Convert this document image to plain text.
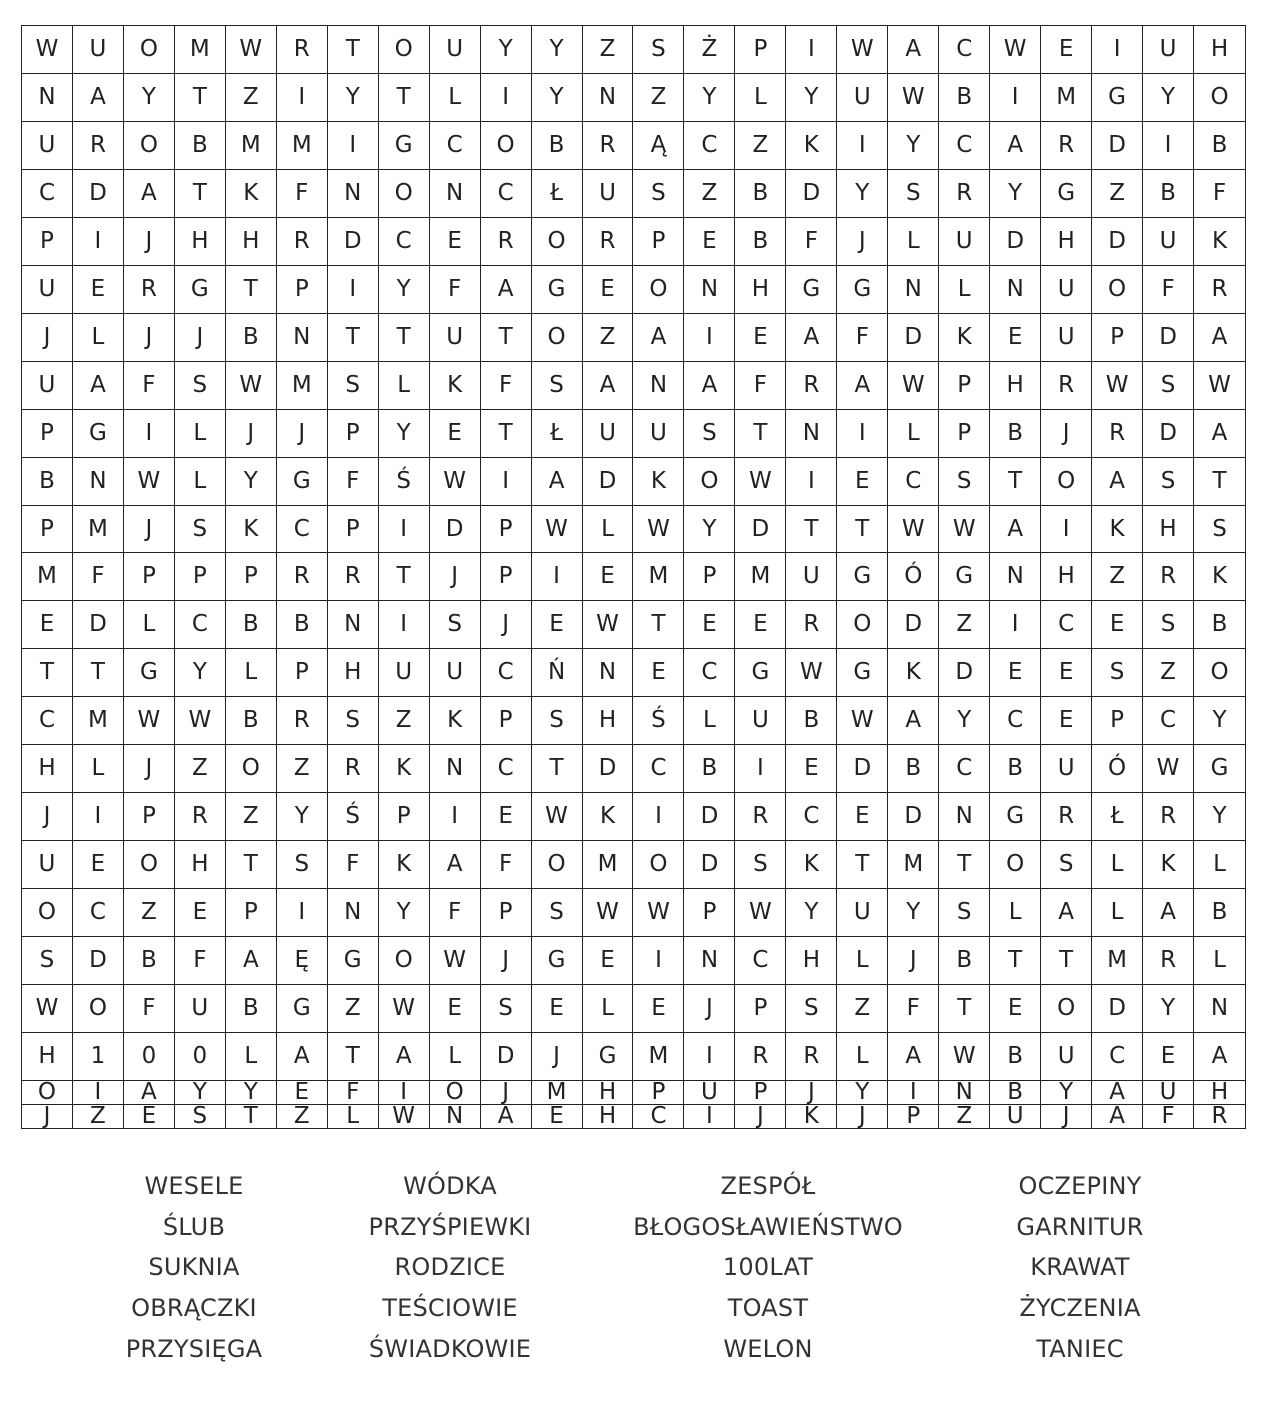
W	U	O	M	W	R	T	O	U	Y	Y	Z	S	Ż	P	I	W	A	C	W	E	I	U	H
N	A	Y	T	Z	I	Y	T	L	I	Y	N	Z	Y	L	Y	U	W	B	I	M	G	Y	O
U	R	O	B	M	M	I	G	C	O	B	R	Ą	C	Z	K	I	Y	C	A	R	D	I	B
C	D	A	T	K	F	N	O	N	C	Ł	U	S	Z	B	D	Y	S	R	Y	G	Z	B	F
P	I	J	H	H	R	D	C	E	R	O	R	P	E	B	F	J	L	U	D	H	D	U	K
U	E	R	G	T	P	I	Y	F	A	G	E	O	N	H	G	G	N	L	N	U	O	F	R
J	L	J	J	B	N	T	T	U	T	O	Z	A	I	E	A	F	D	K	E	U	P	D	A
U	A	F	S	W	M	S	L	K	F	S	A	N	A	F	R	A	W	P	H	R	W	S	W
P	G	I	L	J	J	P	Y	E	T	Ł	U	U	S	T	N	I	L	P	B	J	R	D	A
B	N	W	L	Y	G	F	Ś	W	I	A	D	K	O	W	I	E	C	S	T	O	A	S	T
P	M	J	S	K	C	P	I	D	P	W	L	W	Y	D	T	T	W	W	A	I	K	H	S
M	F	P	P	P	R	R	T	J	P	I	E	M	P	M	U	G	Ó	G	N	H	Z	R	K
E	D	L	C	B	B	N	I	S	J	E	W	T	E	E	R	O	D	Z	I	C	E	S	B
T	T	G	Y	L	P	H	U	U	C	Ń	N	E	C	G	W	G	K	D	E	E	S	Z	O
C	M	W	W	B	R	S	Z	K	P	S	H	Ś	L	U	B	W	A	Y	C	E	P	C	Y
H	L	J	Z	O	Z	R	K	N	C	T	D	C	B	I	E	D	B	C	B	U	Ó	W	G
J	I	P	R	Z	Y	Ś	P	I	E	W	K	I	D	R	C	E	D	N	G	R	Ł	R	Y
U	E	O	H	T	S	F	K	A	F	O	M	O	D	S	K	T	M	T	O	S	L	K	L
O	C	Z	E	P	I	N	Y	F	P	S	W	W	P	W	Y	U	Y	S	L	A	L	A	B
S	D	B	F	A	Ę	G	O	W	J	G	E	I	N	C	H	L	J	B	T	T	M	R	L
W	O	F	U	B	G	Z	W	E	S	E	L	E	J	P	S	Z	F	T	E	O	D	Y	N
H	1	0	0	L	A	T	A	L	D	J	G	M	I	R	R	L	A	W	B	U	C	E	A
O	I	A	Y	Y	E	F	I	O	J	M	H	P	U	P	J	Y	I	N	B	Y	A	U	H
J	Z	E	S	T	Z	L	W	N	A	E	H	C	I	J	K	J	P	Z	U	J	A	F	R
WESELE
ŚLUB
SUKNIA
OBRĄCZKI
PRZYSIĘGA
WÓDKA
PRZYŚPIEWKI
RODZICE
TEŚCIOWIE
ŚWIADKOWIE
ZESPÓŁ
BŁOGOSŁAWIEŃSTWO
100LAT
TOAST
WELON
OCZEPINY
GARNITUR
KRAWAT
ŻYCZENIA
TANIEC
